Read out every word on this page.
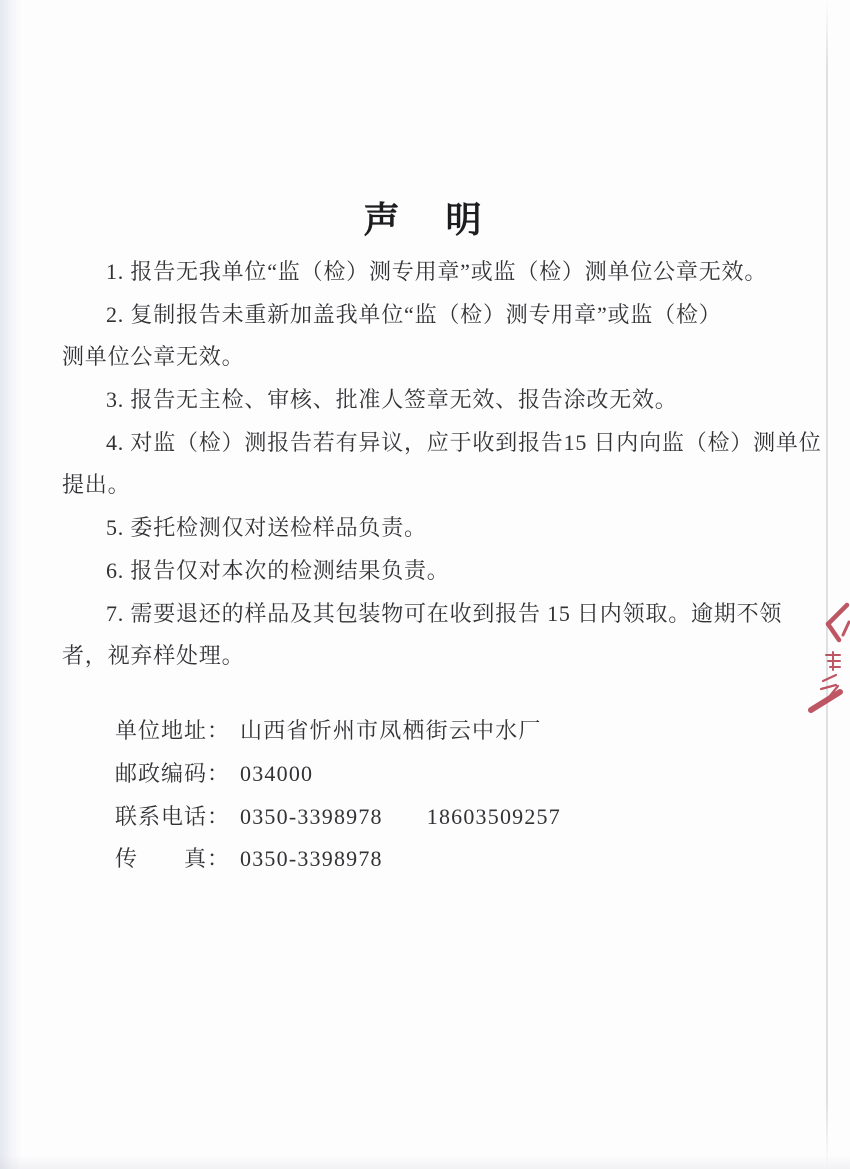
声　明
1. 报告无我单位“监（检）测专用章”或监（检）测单位公章无效。
2. 复制报告未重新加盖我单位“监（检）测专用章”或监（检）
测单位公章无效。
3. 报告无主检、审核、批准人签章无效、报告涂改无效。
4. 对监（检）测报告若有异议，应于收到报告15 日内向监（检）测单位
提出。
5. 委托检测仅对送检样品负责。
6. 报告仅对本次的检测结果负责。
7. 需要退还的样品及其包装物可在收到报告 15 日内领取。逾期不领
者，视弃样处理。
单位地址： 山西省忻州市凤栖街云中水厂
邮政编码： 034000
联系电话： 0350-3398978 18603509257
传　　真： 0350-3398978
